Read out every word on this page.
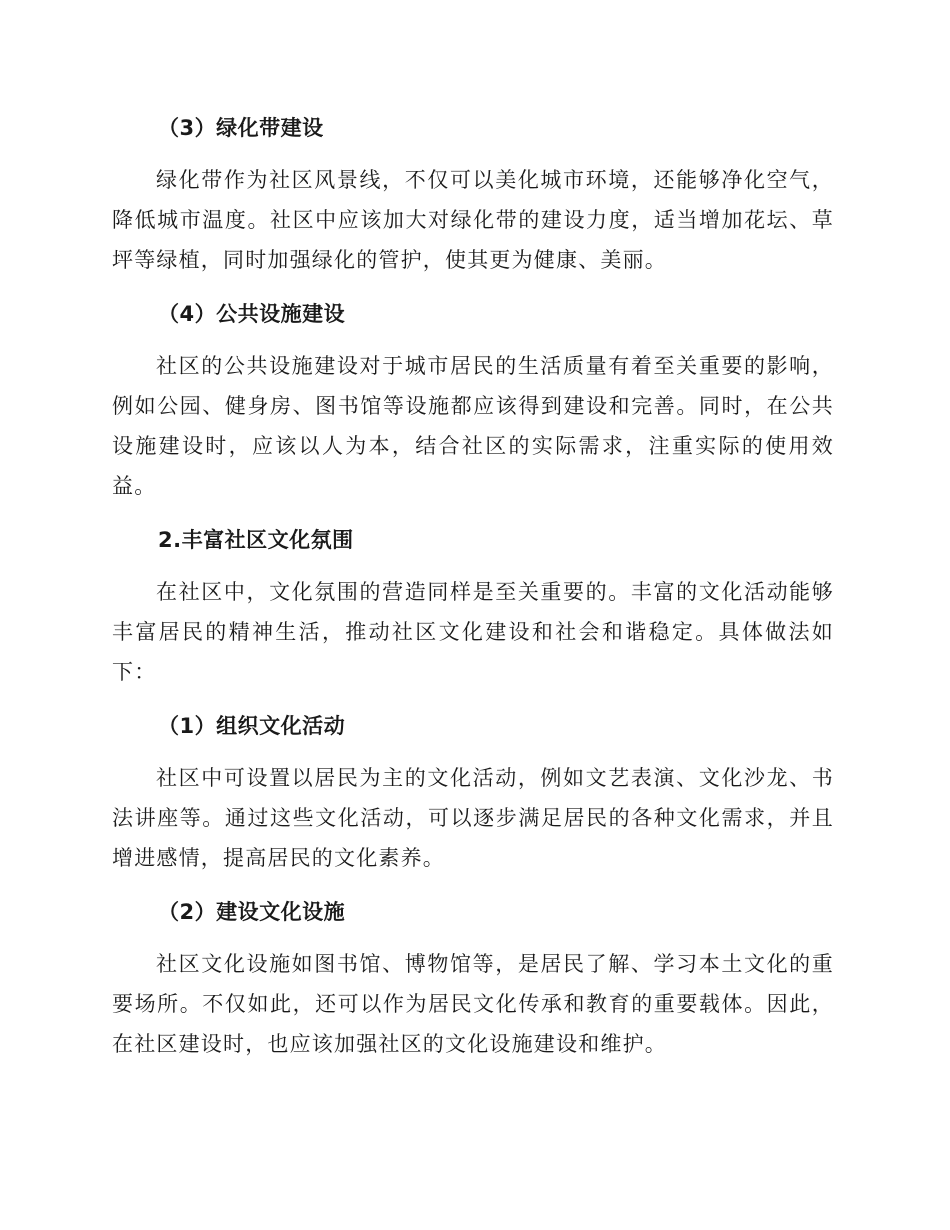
（3）绿化带建设

绿化带作为社区风景线，不仅可以美化城市环境，还能够净化空气，降低城市温度。社区中应该加大对绿化带的建设力度，适当增加花坛、草坪等绿植，同时加强绿化的管护，使其更为健康、美丽。

（4）公共设施建设

社区的公共设施建设对于城市居民的生活质量有着至关重要的影响，例如公园、健身房、图书馆等设施都应该得到建设和完善。同时，在公共设施建设时，应该以人为本，结合社区的实际需求，注重实际的使用效益。

2.丰富社区文化氛围

在社区中，文化氛围的营造同样是至关重要的。丰富的文化活动能够丰富居民的精神生活，推动社区文化建设和社会和谐稳定。具体做法如下：

（1）组织文化活动

社区中可设置以居民为主的文化活动，例如文艺表演、文化沙龙、书法讲座等。通过这些文化活动，可以逐步满足居民的各种文化需求，并且增进感情，提高居民的文化素养。

（2）建设文化设施

社区文化设施如图书馆、博物馆等，是居民了解、学习本土文化的重要场所。不仅如此，还可以作为居民文化传承和教育的重要载体。因此，在社区建设时，也应该加强社区的文化设施建设和维护。
